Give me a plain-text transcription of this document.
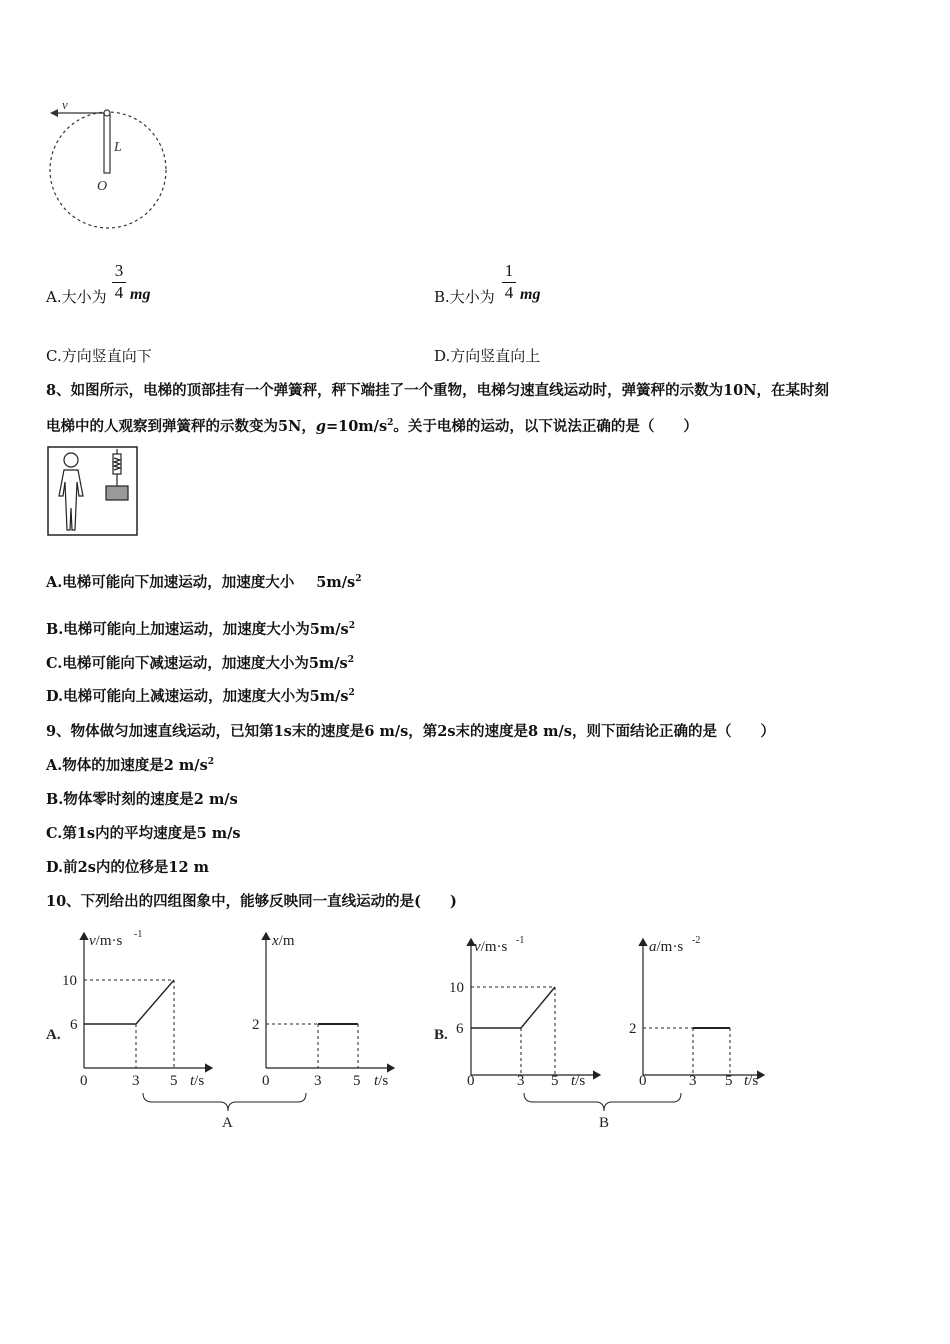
v
L
O
A.大小为
3
4 mg	B.大小为
1
4 mg
C.方向竖直向下	D.方向竖直向上
8、如图所示，电梯的顶部挂有一个弹簧秤，秤下端挂了一个重物，电梯匀速直线运动时，弹簧秤的示数为10N，在某时刻
电梯中的人观察到弹簧秤的示数变为5N，$g=10m/s^2$。关于电梯的运动，以下说法正确的是（　　）
A.电梯可能向下加速运动，加速度大小 $5m/s^2$
B.电梯可能向上加速运动，加速度大小为$5m/s^2$
C.电梯可能向下减速运动，加速度大小为$5m/s^2$
D.电梯可能向上减速运动，加速度大小为$5m/s^2$
9、物体做匀加速直线运动，已知第1s末的速度是6 m/s，第2s末的速度是8 m/s，则下面结论正确的是（　　）
A.物体的加速度是2 $m/s^2$
B.物体零时刻的速度是2 m/s
C.第1s内的平均速度是5 m/s
D.前2s内的位移是12 m
10、下列给出的四组图象中，能够反映同一直线运动的是(　　)
v/m·s -1
10
6
0	3 5 t/s
A.
x/m
2
0	3 5 t/s
A
v/m·s -1
10
6
0	3 5 t/s
B.
a/m·s -2
2
0	3 5 t/s
B
